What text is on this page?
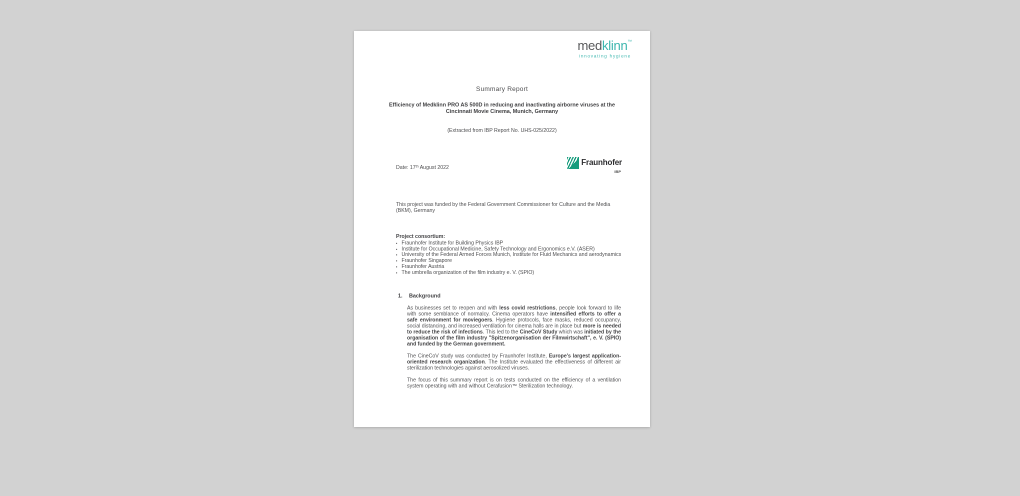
medklinn™
innovating hygiene
Summary Report
Efficiency of Medklinn PRO AS 500D in reducing and inactivating airborne viruses at the
Cincinnati Movie Cinema, Munich, Germany
(Extracted from IBP Report No. UHS-025/2022)
Date: 17th August 2022
Fraunhofer
IBP
This project was funded by the Federal Government Commissioner for Culture and the Media (BKM), Germany
Project consortium:
▪ Fraunhofer Institute for Building Physics IBP
▪ Institute for Occupational Medicine, Safety Technology and Ergonomics e.V. (ASER)
▪ University of the Federal Armed Forces Munich, Institute for Fluid Mechanics and aerodynamics
▪ Fraunhofer Singapore
▪ Fraunhofer Austria
▪ The umbrella organization of the film industry e. V. (SPIO)
1. Background

As businesses set to reopen and with less covid restrictions, people look forward to life with some semblance of normalcy. Cinema operators have intensified efforts to offer a safe environment for moviegoers. Hygiene protocols, face masks, reduced occupancy, social distancing, and increased ventilation for cinema halls are in place but more is needed to reduce the risk of infections. This led to the CineCoV Study which was initiated by the organisation of the film industry "Spitzenorganisation der Filmwirtschaft", e. V. (SPIO) and funded by the German government.

The CineCoV study was conducted by Fraunhofer Institute, Europe's largest application-oriented research organization. The Institute evaluated the effectiveness of different air sterilization technologies against aerosolized viruses.

The focus of this summary report is on tests conducted on the efficiency of a ventilation system operating with and without Cerafusion™ Sterilization technology.
